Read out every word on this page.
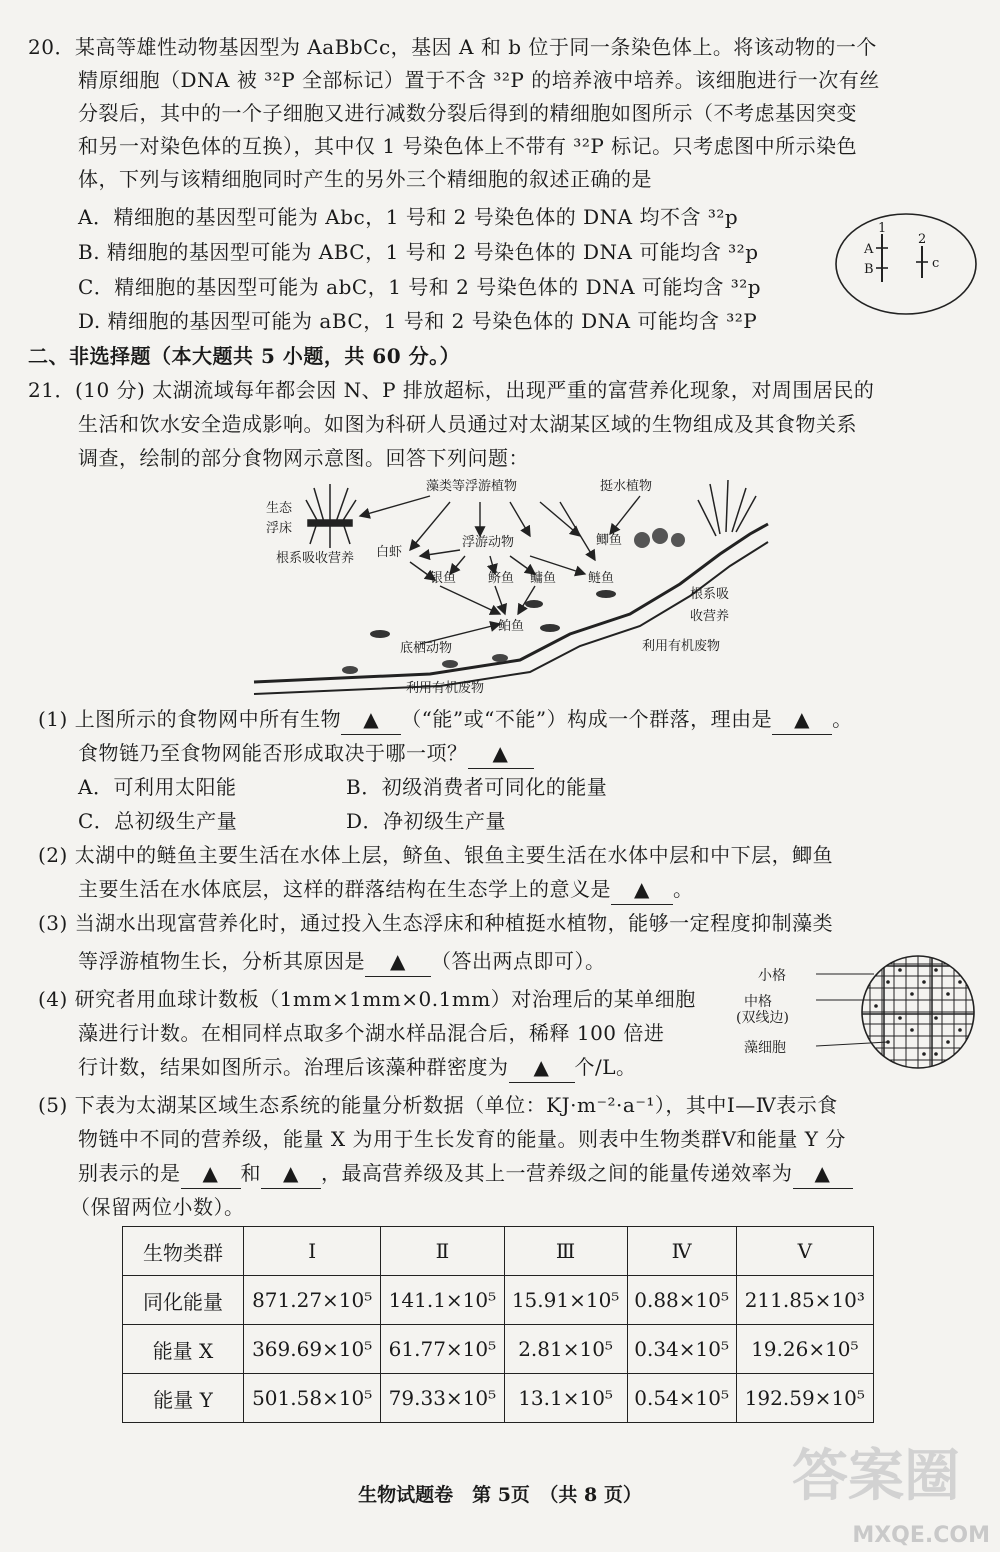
20．某高等雄性动物基因型为 AaBbCc，基因 A 和 b 位于同一条染色体上。将该动物的一个
精原细胞（DNA 被 ³²P 全部标记）置于不含 ³²P 的培养液中培养。该细胞进行一次有丝
分裂后，其中的一个子细胞又进行减数分裂后得到的精细胞如图所示（不考虑基因突变
和另一对染色体的互换），其中仅 1 号染色体上不带有 ³²P 标记。只考虑图中所示染色
体，下列与该精细胞同时产生的另外三个精细胞的叙述正确的是
A．精细胞的基因型可能为 Abc，1 号和 2 号染色体的 DNA 均不含 ³²p
B. 精细胞的基因型可能为 ABC，1 号和 2 号染色体的 DNA 可能均含 ³²p
C．精细胞的基因型可能为 abC，1 号和 2 号染色体的 DNA 可能均含 ³²p
D. 精细胞的基因型可能为 aBC，1 号和 2 号染色体的 DNA 可能均含 ³²P
1
2
A
B	c
二、非选择题（本大题共 5 小题，共 60 分。）
21．(10 分) 太湖流域每年都会因 N、P 排放超标，出现严重的富营养化现象，对周围居民的
生活和饮水安全造成影响。如图为科研人员通过对太湖某区域的生物组成及其食物关系
调查，绘制的部分食物网示意图。回答下列问题：
藻类等浮游植物	挺水植物
生态
浮床
根系吸收营养
浮游动物	鲫鱼
白虾
银鱼 鲚鱼 鳙鱼 鲢鱼
鲌鱼
底栖动物
根系吸
收营养
利用有机废物
利用有机废物
(1) 上图所示的食物网中所有生物 ▲ （“能”或“不能”）构成一个群落，理由是 ▲ 。
食物链乃至食物网能否形成取决于哪一项？ ▲
A．可利用太阳能	B．初级消费者可同化的能量
C．总初级生产量	D．净初级生产量
(2) 太湖中的鲢鱼主要生活在水体上层，鲚鱼、银鱼主要生活在水体中层和中下层，鲫鱼
主要生活在水体底层，这样的群落结构在生态学上的意义是 ▲ 。
(3) 当湖水出现富营养化时，通过投入生态浮床和种植挺水植物，能够一定程度抑制藻类
等浮游植物生长，分析其原因是 ▲ （答出两点即可）。
(4) 研究者用血球计数板（1mm×1mm×0.1mm）对治理后的某单细胞
藻进行计数。在相同样点取多个湖水样品混合后，稀释 100 倍进
行计数，结果如图所示。治理后该藻种群密度为 ▲ 个/L。
小格
中格
(双线边)
藻细胞
(5) 下表为太湖某区域生态系统的能量分析数据（单位：KJ·m⁻²·a⁻¹），其中Ⅰ—Ⅳ表示食
物链中不同的营养级，能量 X 为用于生长发育的能量。则表中生物类群Ⅴ和能量 Y 分
别表示的是 ▲ 和 ▲ ，最高营养级及其上一营养级之间的能量传递效率为 ▲
（保留两位小数）。
生物类群	Ⅰ	Ⅱ	Ⅲ	Ⅳ	Ⅴ
同化能量	871.27×10⁵	141.1×10⁵	15.91×10⁵	0.88×10⁵	211.85×10³
能量 X	369.69×10⁵	61.77×10⁵	2.81×10⁵	0.34×10⁵	19.26×10⁵
能量 Y	501.58×10⁵	79.33×10⁵	13.1×10⁵	0.54×10⁵	192.59×10⁵
生物试题卷　第 5页　（共 8 页）	答案圈
MXQE.COM
